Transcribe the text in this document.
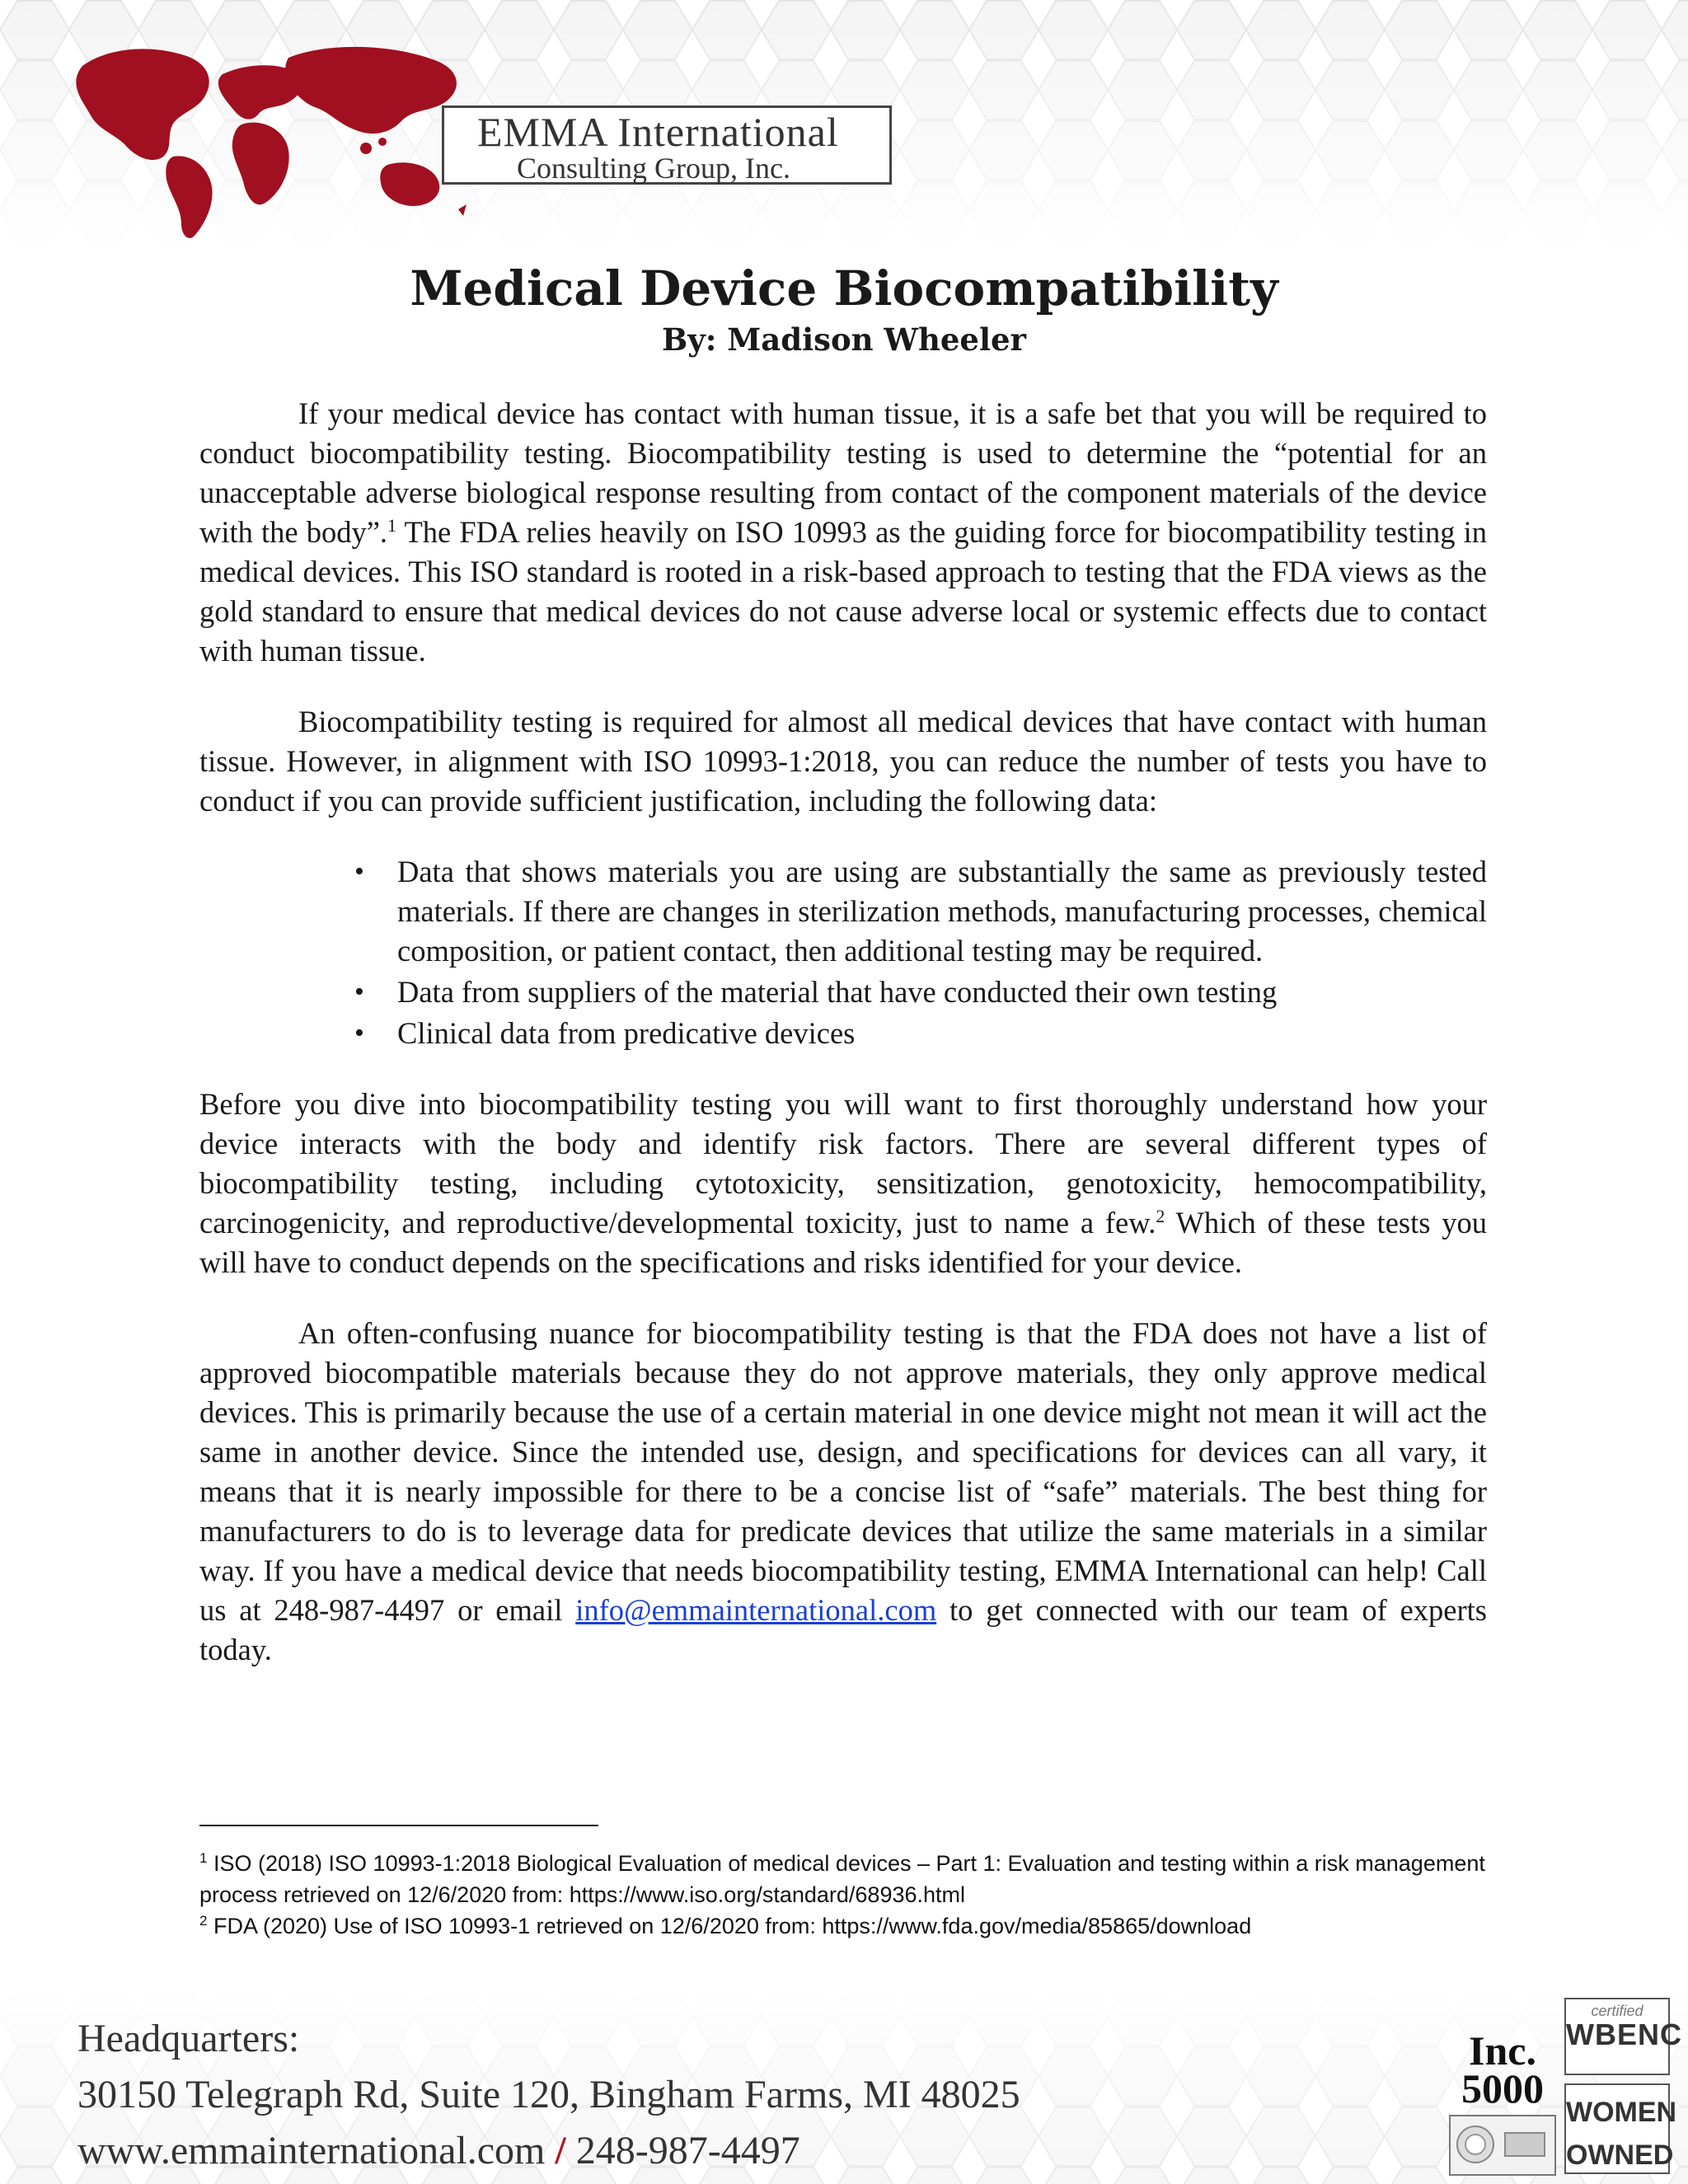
EMMA International
Consulting Group, Inc.
Medical Device Biocompatibility
By: Madison Wheeler

If your medical device has contact with human tissue, it is a safe bet that you will be required to conduct biocompatibility testing. Biocompatibility testing is used to determine the “potential for an unacceptable adverse biological response resulting from contact of the component materials of the device with the body”.$^1$ The FDA relies heavily on ISO 10993 as the guiding force for biocompatibility testing in medical devices. This ISO standard is rooted in a risk-based approach to testing that the FDA views as the gold standard to ensure that medical devices do not cause adverse local or systemic effects due to contact with human tissue.

Biocompatibility testing is required for almost all medical devices that have contact with human tissue. However, in alignment with ISO 10993-1:2018, you can reduce the number of tests you have to conduct if you can provide sufficient justification, including the following data:

• Data that shows materials you are using are substantially the same as previously tested materials. If there are changes in sterilization methods, manufacturing processes, chemical composition, or patient contact, then additional testing may be required.
• Data from suppliers of the material that have conducted their own testing
• Clinical data from predicative devices

Before you dive into biocompatibility testing you will want to first thoroughly understand how your device interacts with the body and identify risk factors. There are several different types of biocompatibility testing, including cytotoxicity, sensitization, genotoxicity, hemocompatibility, carcinogenicity, and reproductive/developmental toxicity, just to name a few.$^2$ Which of these tests you will have to conduct depends on the specifications and risks identified for your device.

An often-confusing nuance for biocompatibility testing is that the FDA does not have a list of approved biocompatible materials because they do not approve materials, they only approve medical devices. This is primarily because the use of a certain material in one device might not mean it will act the same in another device. Since the intended use, design, and specifications for devices can all vary, it means that it is nearly impossible for there to be a concise list of “safe” materials. The best thing for manufacturers to do is to leverage data for predicate devices that utilize the same materials in a similar way. If you have a medical device that needs biocompatibility testing, EMMA International can help! Call us at 248-987-4497 or email info@emmainternational.com to get connected with our team of experts today.

$^1$ ISO (2018) ISO 10993-1:2018 Biological Evaluation of medical devices – Part 1: Evaluation and testing within a risk management process retrieved on 12/6/2020 from: https://www.iso.org/standard/68936.html
$^2$ FDA (2020) Use of ISO 10993-1 retrieved on 12/6/2020 from: https://www.fda.gov/media/85865/download
Headquarters:
30150 Telegraph Rd, Suite 120, Bingham Farms, MI 48025
www.emmainternational.com / 248-987-4497
Inc.
5000
certified
WBENC
WOMEN
OWNED
